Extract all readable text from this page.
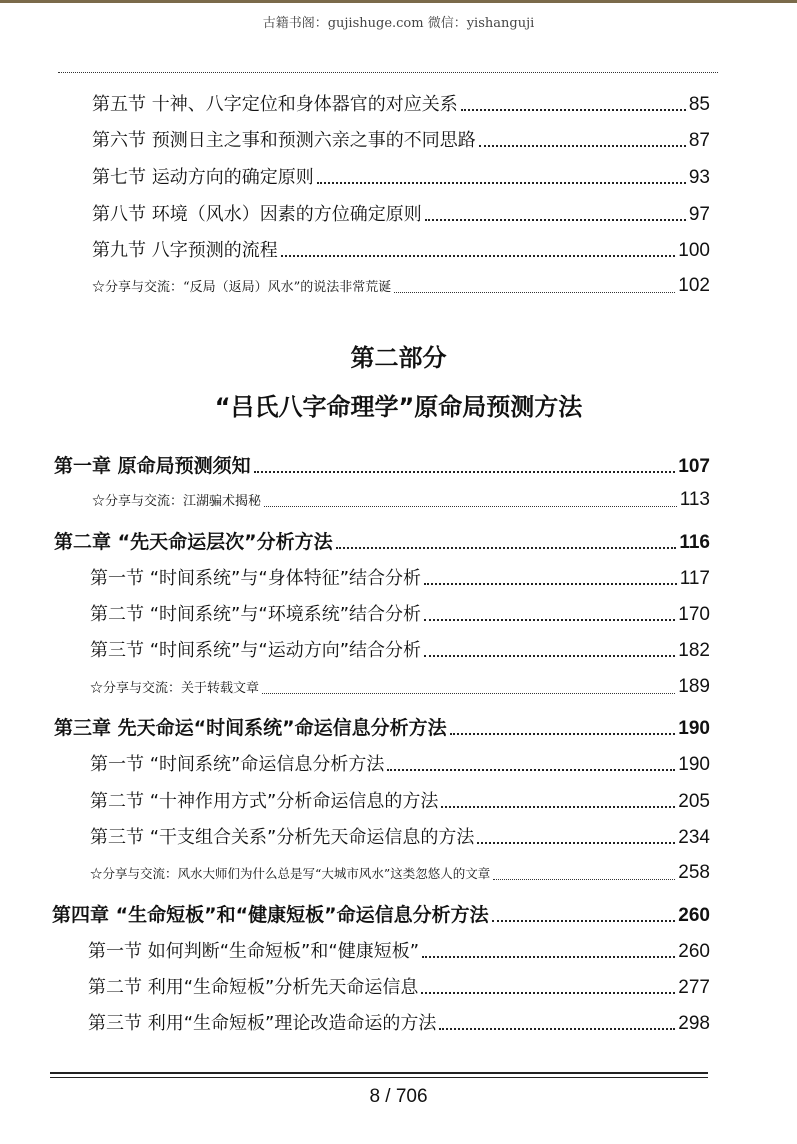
古籍书阁：gujishuge.com 微信：yishanguji
第五节 十神、八字定位和身体器官的对应关系	85
第六节 预测日主之事和预测六亲之事的不同思路	87
第七节 运动方向的确定原则	93
第八节 环境（风水）因素的方位确定原则	97
第九节 八字预测的流程	100
☆分享与交流：“反局（返局）风水”的说法非常荒诞	102
第二部分
“吕氏八字命理学”原命局预测方法
第一章 原命局预测须知	107
☆分享与交流：江湖骗术揭秘	113
第二章 “先天命运层次”分析方法	116
第一节 “时间系统”与“身体特征”结合分析	117
第二节 “时间系统”与“环境系统”结合分析	170
第三节 “时间系统”与“运动方向”结合分析	182
☆分享与交流：关于转载文章	189
第三章 先天命运“时间系统”命运信息分析方法	190
第一节 “时间系统”命运信息分析方法	190
第二节 “十神作用方式”分析命运信息的方法	205
第三节 “干支组合关系”分析先天命运信息的方法	234
☆分享与交流：风水大师们为什么总是写“大城市风水”这类忽悠人的文章	258
第四章 “生命短板”和“健康短板”命运信息分析方法	260
第一节 如何判断“生命短板”和“健康短板”	260
第二节 利用“生命短板”分析先天命运信息	277
第三节 利用“生命短板”理论改造命运的方法	298
8 / 706
